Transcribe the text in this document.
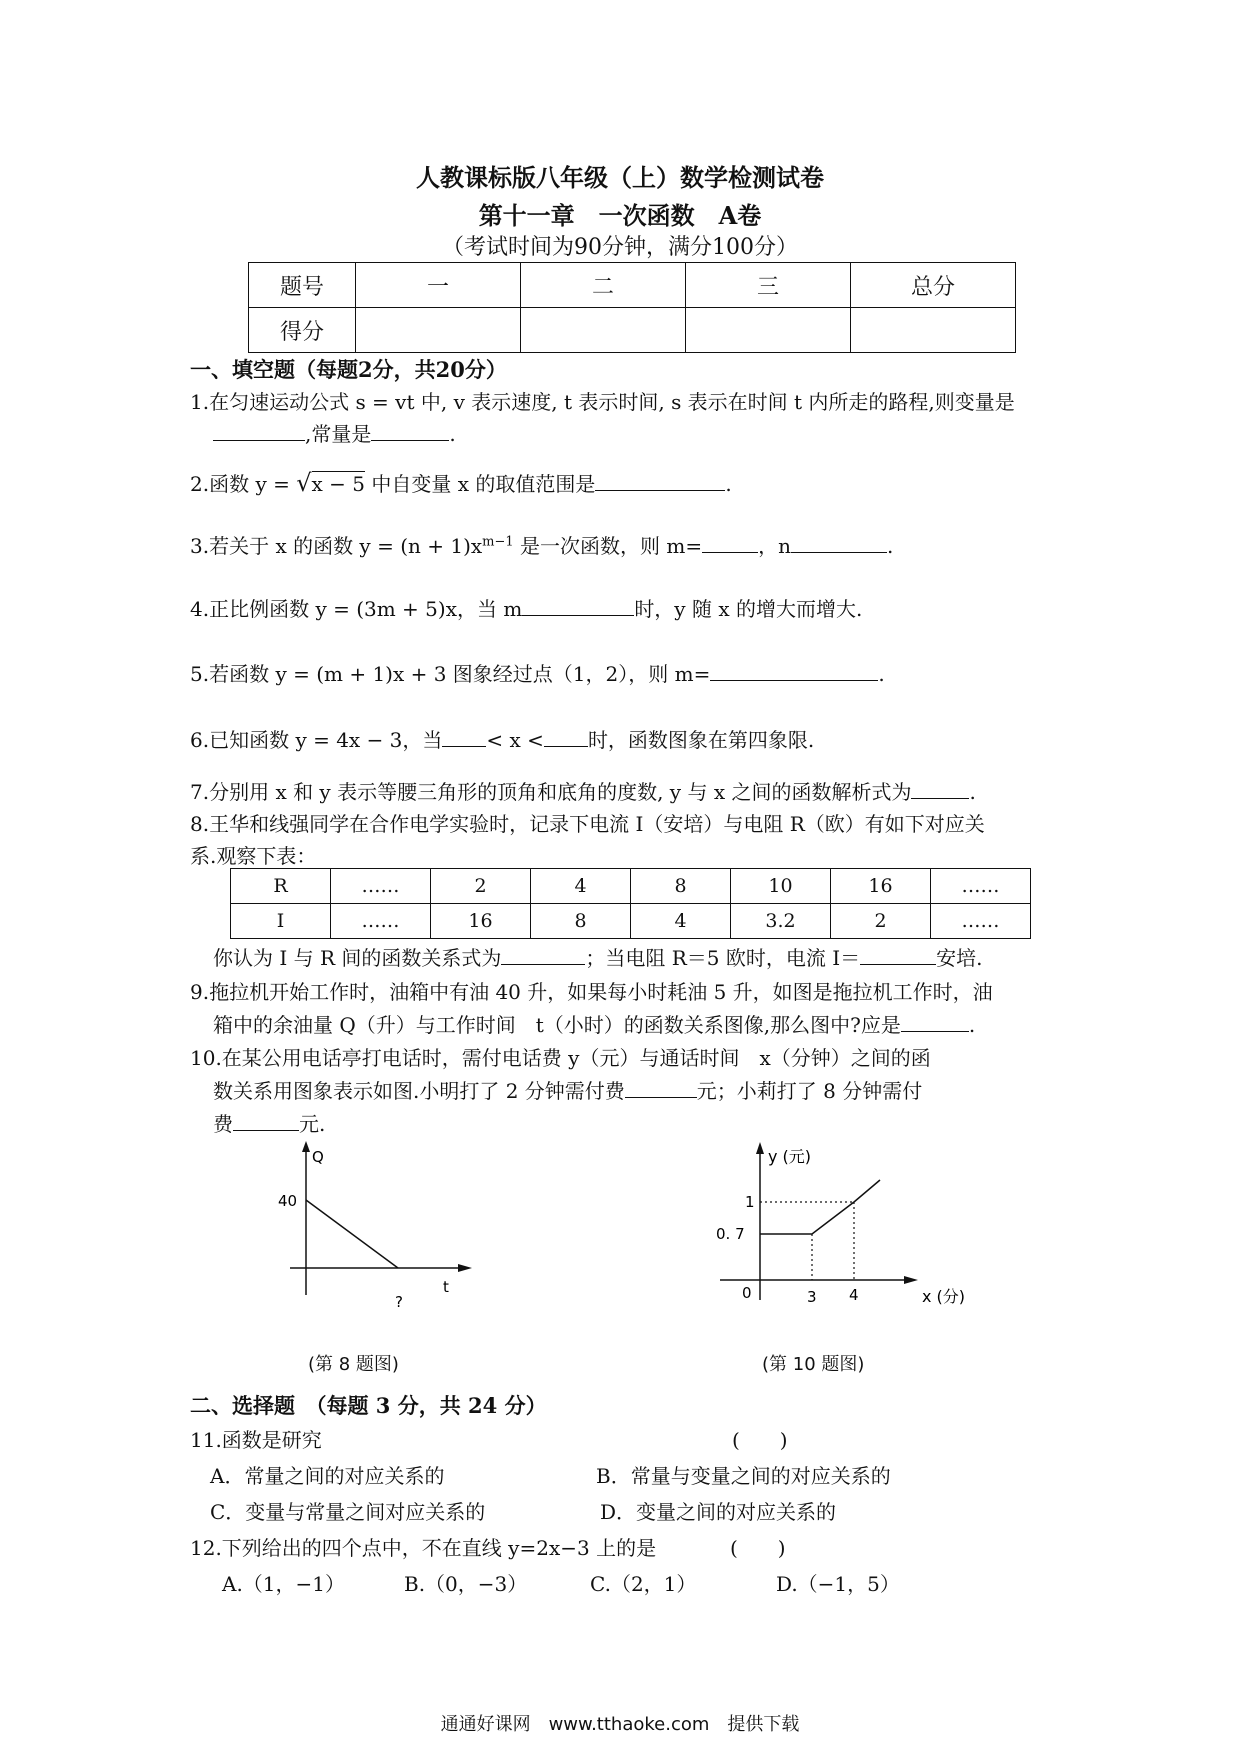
人教课标版八年级（上）数学检测试卷
第十一章　一次函数　A卷
（考试时间为90分钟，满分100分）
题号	一	二	三	总分
得分				
一、填空题（每题2分，共20分）
1.在匀速运动公式 s = vt 中, v 表示速度, t 表示时间, s 表示在时间 t 内所走的路程,则变量是
,常量是	.
2.函数 y = √x − 5 中自变量 x 的取值范围是	.
3.若关于 x 的函数 $y = (n + 1)x^{m-1}$ 是一次函数，则 m=	，n	.
4.正比例函数 y = (3m + 5)x，当 m	时，y 随 x 的增大而增大.
5.若函数 y = (m + 1)x + 3 图象经过点（1，2），则 m=	.
6.已知函数 y = 4x − 3，当 < x < 时，函数图象在第四象限.
7.分别用 x 和 y 表示等腰三角形的顶角和底角的度数, y 与 x 之间的函数解析式为	.
8.王华和线强同学在合作电学实验时，记录下电流 I（安培）与电阻 R（欧）有如下对应关
系.观察下表：
R	……	2	4	8	10	16	……
I	……	16	8	4	3.2	2	……
你认为 I 与 R 间的函数关系式为	；当电阻 R＝5 欧时，电流 I＝	安培.
9.拖拉机开始工作时，油箱中有油 40 升，如果每小时耗油 5 升，如图是拖拉机工作时，油
箱中的余油量 Q（升）与工作时间　t（小时）的函数关系图像,那么图中?应是	.
10.在某公用电话亭打电话时，需付电话费 y（元）与通话时间　x（分钟）之间的函
数关系用图象表示如图.小明打了 2 分钟需付费	元；小莉打了 8 分钟需付
费	元.
Q
40
t
?
(第 8 题图)
y (元)
x (分)
0
1
0. 7
3 4
(第 10 题图)
二、选择题　（每题 3 分，共 24 分）
11.函数是研究	(　　)
A．常量之间的对应关系的	B．常量与变量之间的对应关系的
C．变量与常量之间对应关系的	D．变量之间的对应关系的
12.下列给出的四个点中，不在直线 y=2x−3 上的是	(　　)
A.（1，−1）	B.（0，−3）	C.（2，1）	D.（−1，5）
通通好课网　www.tthaoke.com　提供下载
